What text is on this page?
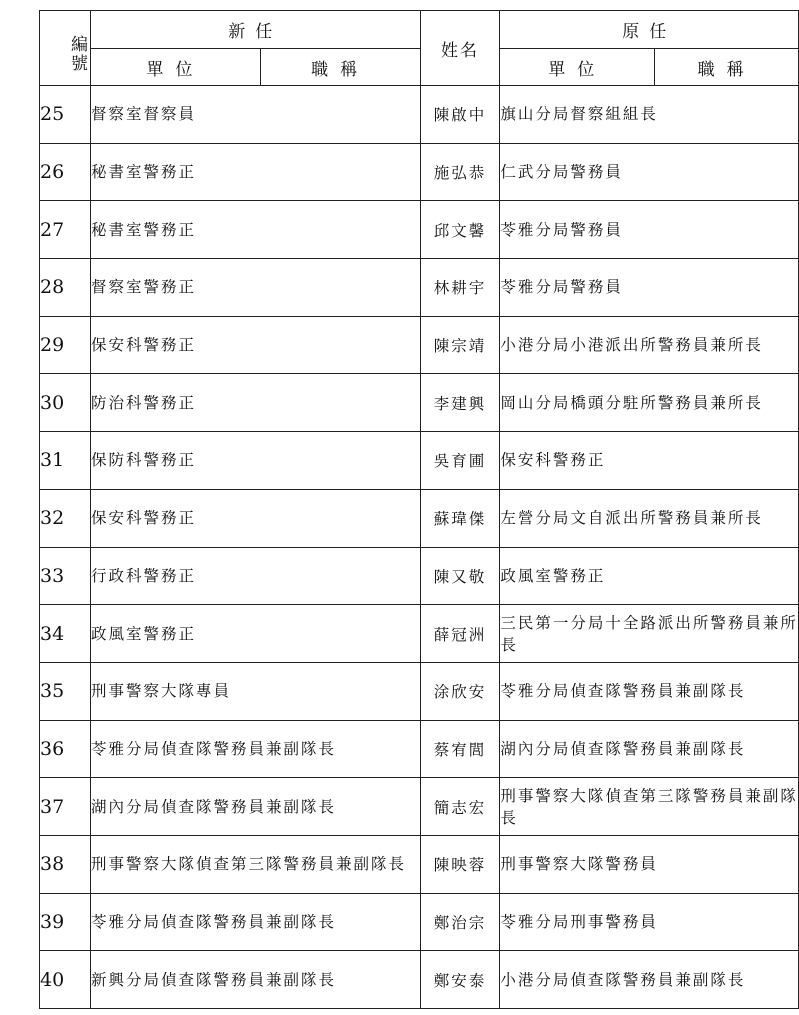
編號	新任		姓名	原任	
	單位	職稱		單位	職稱
25	督察室督察員		陳啟中	旗山分局督察組組長	
26	秘書室警務正		施弘恭	仁武分局警務員	
27	秘書室警務正		邱文馨	苓雅分局警務員	
28	督察室警務正		林耕宇	苓雅分局警務員	
29	保安科警務正		陳宗靖	小港分局小港派出所警務員兼所長	
30	防治科警務正		李建興	岡山分局橋頭分駐所警務員兼所長	
31	保防科警務正		吳育圃	保安科警務正	
32	保安科警務正		蘇瑋傑	左營分局文自派出所警務員兼所長	
33	行政科警務正		陳又敬	政風室警務正	
34	政風室警務正		薛冠洲	三民第一分局十全路派出所警務員兼所長	
35	刑事警察大隊專員		涂欣安	苓雅分局偵查隊警務員兼副隊長	
36	苓雅分局偵查隊警務員兼副隊長		蔡宥閭	湖內分局偵查隊警務員兼副隊長	
37	湖內分局偵查隊警務員兼副隊長		簡志宏	刑事警察大隊偵查第三隊警務員兼副隊長	
38	刑事警察大隊偵查第三隊警務員兼副隊長		陳映蓉	刑事警察大隊警務員	
39	苓雅分局偵查隊警務員兼副隊長		鄭治宗	苓雅分局刑事警務員	
40	新興分局偵查隊警務員兼副隊長		鄭安泰	小港分局偵查隊警務員兼副隊長	
